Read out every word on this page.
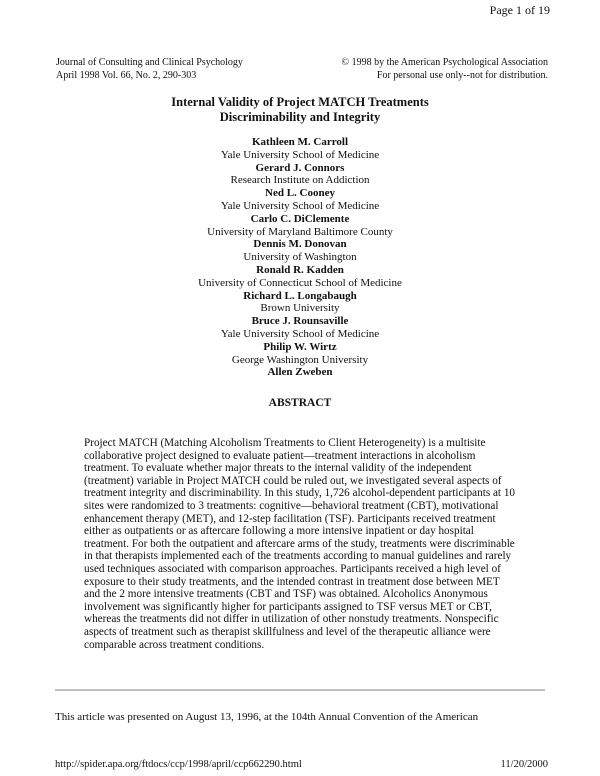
Page 1 of 19
Journal of Consulting and Clinical Psychology
April 1998 Vol. 66, No. 2, 290-303
© 1998 by the American Psychological Association
For personal use only--not for distribution.
Internal Validity of Project MATCH Treatments
Discriminability and Integrity
Kathleen M. Carroll
Yale University School of Medicine
Gerard J. Connors
Research Institute on Addiction
Ned L. Cooney
Yale University School of Medicine
Carlo C. DiClemente
University of Maryland Baltimore County
Dennis M. Donovan
University of Washington
Ronald R. Kadden
University of Connecticut School of Medicine
Richard L. Longabaugh
Brown University
Bruce J. Rounsaville
Yale University School of Medicine
Philip W. Wirtz
George Washington University
Allen Zweben
ABSTRACT
Project MATCH (Matching Alcoholism Treatments to Client Heterogeneity) is a multisite collaborative project designed to evaluate patient—treatment interactions in alcoholism treatment. To evaluate whether major threats to the internal validity of the independent (treatment) variable in Project MATCH could be ruled out, we investigated several aspects of treatment integrity and discriminability. In this study, 1,726 alcohol-dependent participants at 10 sites were randomized to 3 treatments: cognitive—behavioral treatment (CBT), motivational enhancement therapy (MET), and 12-step facilitation (TSF). Participants received treatment either as outpatients or as aftercare following a more intensive inpatient or day hospital treatment. For both the outpatient and aftercare arms of the study, treatments were discriminable in that therapists implemented each of the treatments according to manual guidelines and rarely used techniques associated with comparison approaches. Participants received a high level of exposure to their study treatments, and the intended contrast in treatment dose between MET and the 2 more intensive treatments (CBT and TSF) was obtained. Alcoholics Anonymous involvement was significantly higher for participants assigned to TSF versus MET or CBT, whereas the treatments did not differ in utilization of other nonstudy treatments. Nonspecific aspects of treatment such as therapist skillfulness and level of the therapeutic alliance were comparable across treatment conditions.
This article was presented on August 13, 1996, at the 104th Annual Convention of the American
http://spider.apa.org/ftdocs/ccp/1998/april/ccp662290.html	11/20/2000
